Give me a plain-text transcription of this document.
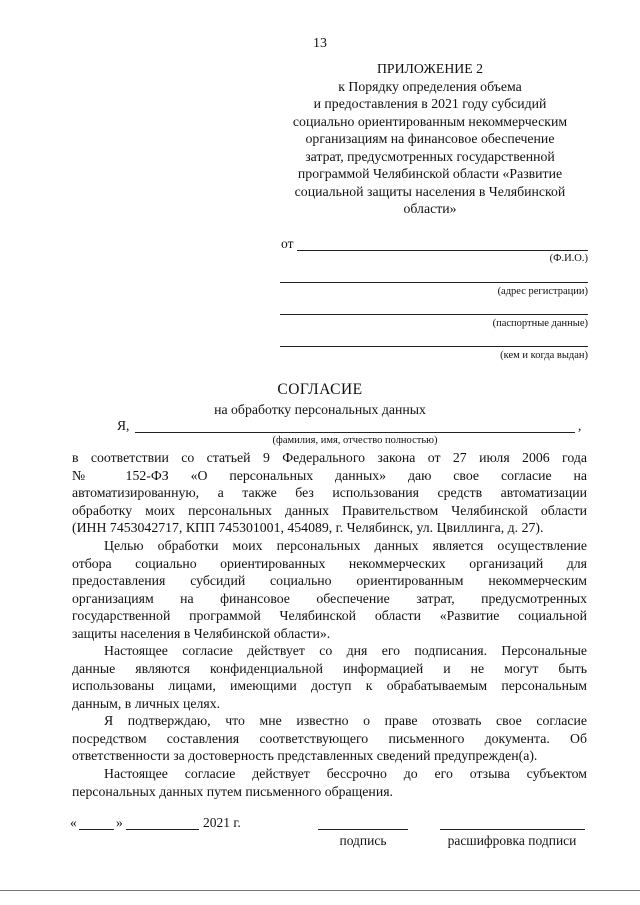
13
ПРИЛОЖЕНИЕ 2
к Порядку определения объема
и предоставления в 2021 году субсидий
социально ориентированным некоммерческим
организациям на финансовое обеспечение
затрат, предусмотренных государственной
программой Челябинской области «Развитие
социальной защиты населения в Челябинской
области»
от
(Ф.И.О.)
(адрес регистрации)
(паспортные данные)
(кем и когда выдан)
СОГЛАСИЕ
на обработку персональных данных
Я,	,
(фамилия, имя, отчество полностью)
в соответствии со статьей 9 Федерального закона от 27 июля 2006 года
№ 152-ФЗ «О персональных данных» даю свое согласие на
автоматизированную, а также без использования средств автоматизации
обработку моих персональных данных Правительством Челябинской области
(ИНН 7453042717, КПП 745301001, 454089, г. Челябинск, ул. Цвиллинга, д. 27).
Целью обработки моих персональных данных является осуществление
отбора социально ориентированных некоммерческих организаций для
предоставления субсидий социально ориентированным некоммерческим
организациям на финансовое обеспечение затрат, предусмотренных
государственной программой Челябинской области «Развитие социальной
защиты населения в Челябинской области».
Настоящее согласие действует со дня его подписания. Персональные
данные являются конфиденциальной информацией и не могут быть
использованы лицами, имеющими доступ к обрабатываемым персональным
данным, в личных целях.
Я подтверждаю, что мне известно о праве отозвать свое согласие
посредством составления соответствующего письменного документа. Об
ответственности за достоверность представленных сведений предупрежден(а).
Настоящее согласие действует бессрочно до его отзыва субъектом
персональных данных путем письменного обращения.
«	»	2021 г.
подпись	расшифровка подписи
